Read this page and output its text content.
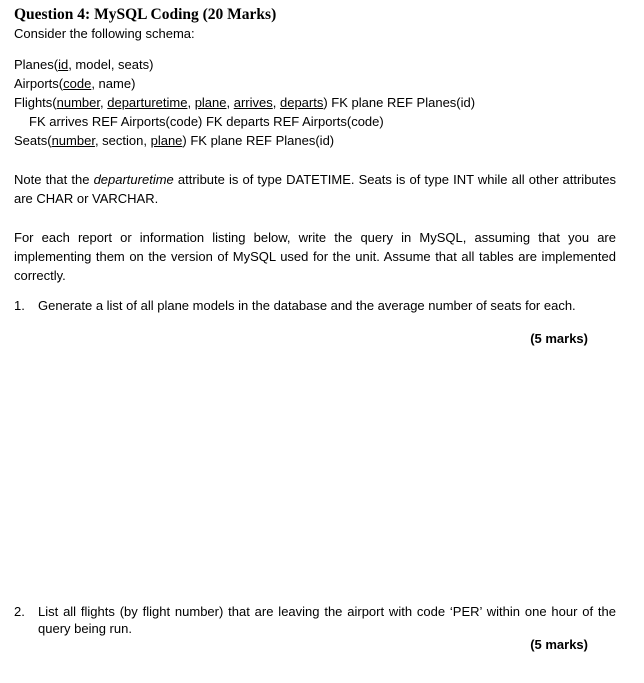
Question 4: MySQL Coding (20 Marks)
Consider the following schema:
Planes(id, model, seats)
Airports(code, name)
Flights(number, departuretime, plane, arrives, departs) FK plane REF Planes(id)
FK arrives REF Airports(code) FK departs REF Airports(code)
Seats(number, section, plane) FK plane REF Planes(id)
Note that the departuretime attribute is of type DATETIME. Seats is of type INT while all other attributes are CHAR or VARCHAR.
For each report or information listing below, write the query in MySQL, assuming that you are implementing them on the version of MySQL used for the unit. Assume that all tables are implemented correctly.
1. Generate a list of all plane models in the database and the average number of seats for each.
(5 marks)
2. List all flights (by flight number) that are leaving the airport with code ‘PER’ within one hour of the query being run.
(5 marks)
